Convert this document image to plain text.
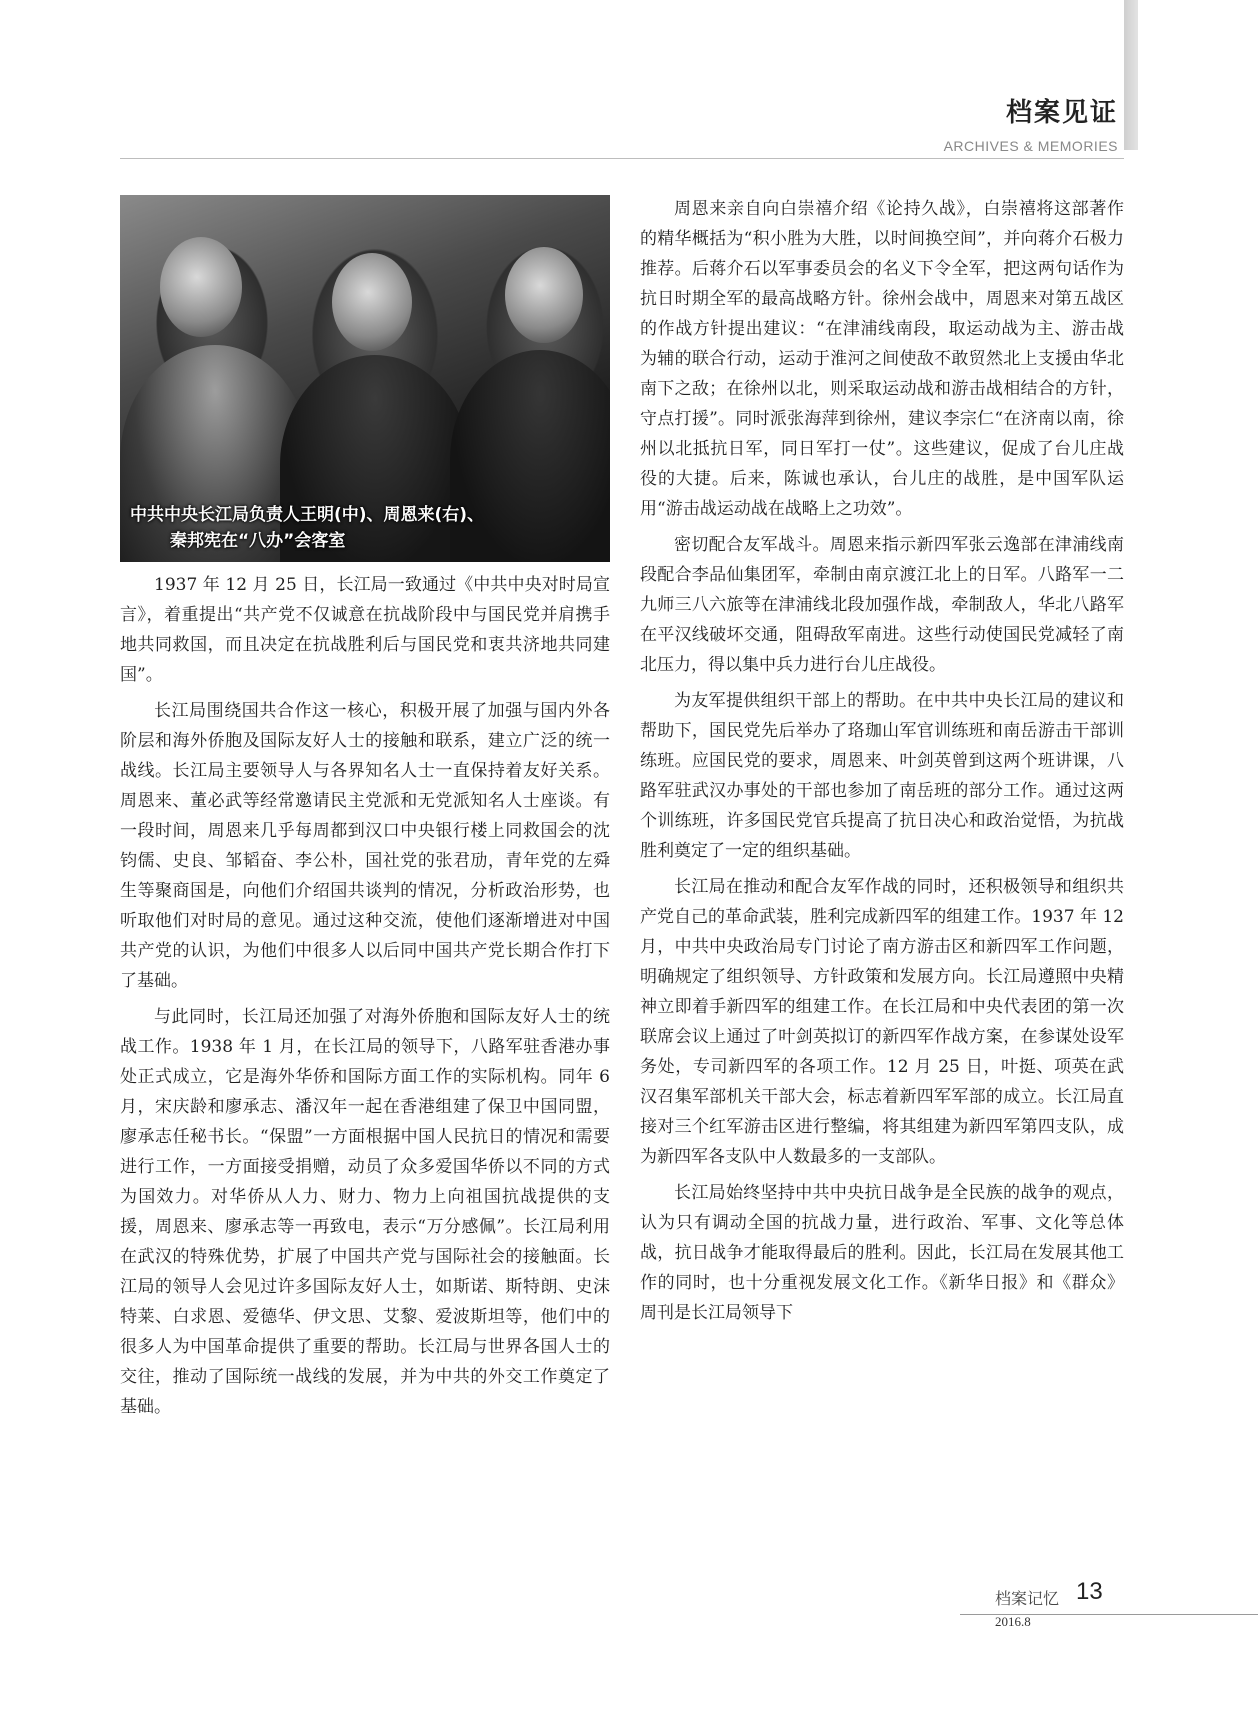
档案见证
ARCHIVES & MEMORIES
中共中央长江局负责人王明(中)、周恩来(右)、
秦邦宪在“八办”会客室

1937 年 12 月 25 日，长江局一致通过《中共中央对时局宣言》，着重提出“共产党不仅诚意在抗战阶段中与国民党并肩携手地共同救国，而且决定在抗战胜利后与国民党和衷共济地共同建国”。

长江局围绕国共合作这一核心，积极开展了加强与国内外各阶层和海外侨胞及国际友好人士的接触和联系，建立广泛的统一战线。长江局主要领导人与各界知名人士一直保持着友好关系。周恩来、董必武等经常邀请民主党派和无党派知名人士座谈。有一段时间，周恩来几乎每周都到汉口中央银行楼上同救国会的沈钧儒、史良、邹韬奋、李公朴，国社党的张君劢，青年党的左舜生等聚商国是，向他们介绍国共谈判的情况，分析政治形势，也听取他们对时局的意见。通过这种交流，使他们逐渐增进对中国共产党的认识，为他们中很多人以后同中国共产党长期合作打下了基础。

与此同时，长江局还加强了对海外侨胞和国际友好人士的统战工作。1938 年 1 月，在长江局的领导下，八路军驻香港办事处正式成立，它是海外华侨和国际方面工作的实际机构。同年 6 月，宋庆龄和廖承志、潘汉年一起在香港组建了保卫中国同盟，廖承志任秘书长。“保盟”一方面根据中国人民抗日的情况和需要进行工作，一方面接受捐赠，动员了众多爱国华侨以不同的方式为国效力。对华侨从人力、财力、物力上向祖国抗战提供的支援，周恩来、廖承志等一再致电，表示“万分感佩”。长江局利用在武汉的特殊优势，扩展了中国共产党与国际社会的接触面。长江局的领导人会见过许多国际友好人士，如斯诺、斯特朗、史沫特莱、白求恩、爱德华、伊文思、艾黎、爱波斯坦等，他们中的很多人为中国革命提供了重要的帮助。长江局与世界各国人士的交往，推动了国际统一战线的发展，并为中共的外交工作奠定了基础。

周恩来亲自向白崇禧介绍《论持久战》，白崇禧将这部著作的精华概括为“积小胜为大胜，以时间换空间”，并向蒋介石极力推荐。后蒋介石以军事委员会的名义下令全军，把这两句话作为抗日时期全军的最高战略方针。徐州会战中，周恩来对第五战区的作战方针提出建议：“在津浦线南段，取运动战为主、游击战为辅的联合行动，运动于淮河之间使敌不敢贸然北上支援由华北南下之敌；在徐州以北，则采取运动战和游击战相结合的方针，守点打援”。同时派张海萍到徐州，建议李宗仁“在济南以南，徐州以北抵抗日军，同日军打一仗”。这些建议，促成了台儿庄战役的大捷。后来，陈诚也承认，台儿庄的战胜，是中国军队运用“游击战运动战在战略上之功效”。

密切配合友军战斗。周恩来指示新四军张云逸部在津浦线南段配合李品仙集团军，牵制由南京渡江北上的日军。八路军一二九师三八六旅等在津浦线北段加强作战，牵制敌人，华北八路军在平汉线破坏交通，阻碍敌军南进。这些行动使国民党减轻了南北压力，得以集中兵力进行台儿庄战役。

为友军提供组织干部上的帮助。在中共中央长江局的建议和帮助下，国民党先后举办了珞珈山军官训练班和南岳游击干部训练班。应国民党的要求，周恩来、叶剑英曾到这两个班讲课，八路军驻武汉办事处的干部也参加了南岳班的部分工作。通过这两个训练班，许多国民党官兵提高了抗日决心和政治觉悟，为抗战胜利奠定了一定的组织基础。

长江局在推动和配合友军作战的同时，还积极领导和组织共产党自己的革命武装，胜利完成新四军的组建工作。1937 年 12 月，中共中央政治局专门讨论了南方游击区和新四军工作问题，明确规定了组织领导、方针政策和发展方向。长江局遵照中央精神立即着手新四军的组建工作。在长江局和中央代表团的第一次联席会议上通过了叶剑英拟订的新四军作战方案，在参谋处设军务处，专司新四军的各项工作。12 月 25 日，叶挺、项英在武汉召集军部机关干部大会，标志着新四军军部的成立。长江局直接对三个红军游击区进行整编，将其组建为新四军第四支队，成为新四军各支队中人数最多的一支部队。

长江局始终坚持中共中央抗日战争是全民族的战争的观点，认为只有调动全国的抗战力量，进行政治、军事、文化等总体战，抗日战争才能取得最后的胜利。因此，长江局在发展其他工作的同时，也十分重视发展文化工作。《新华日报》和《群众》周刊是长江局领导下

档案记忆 13
2016.8
